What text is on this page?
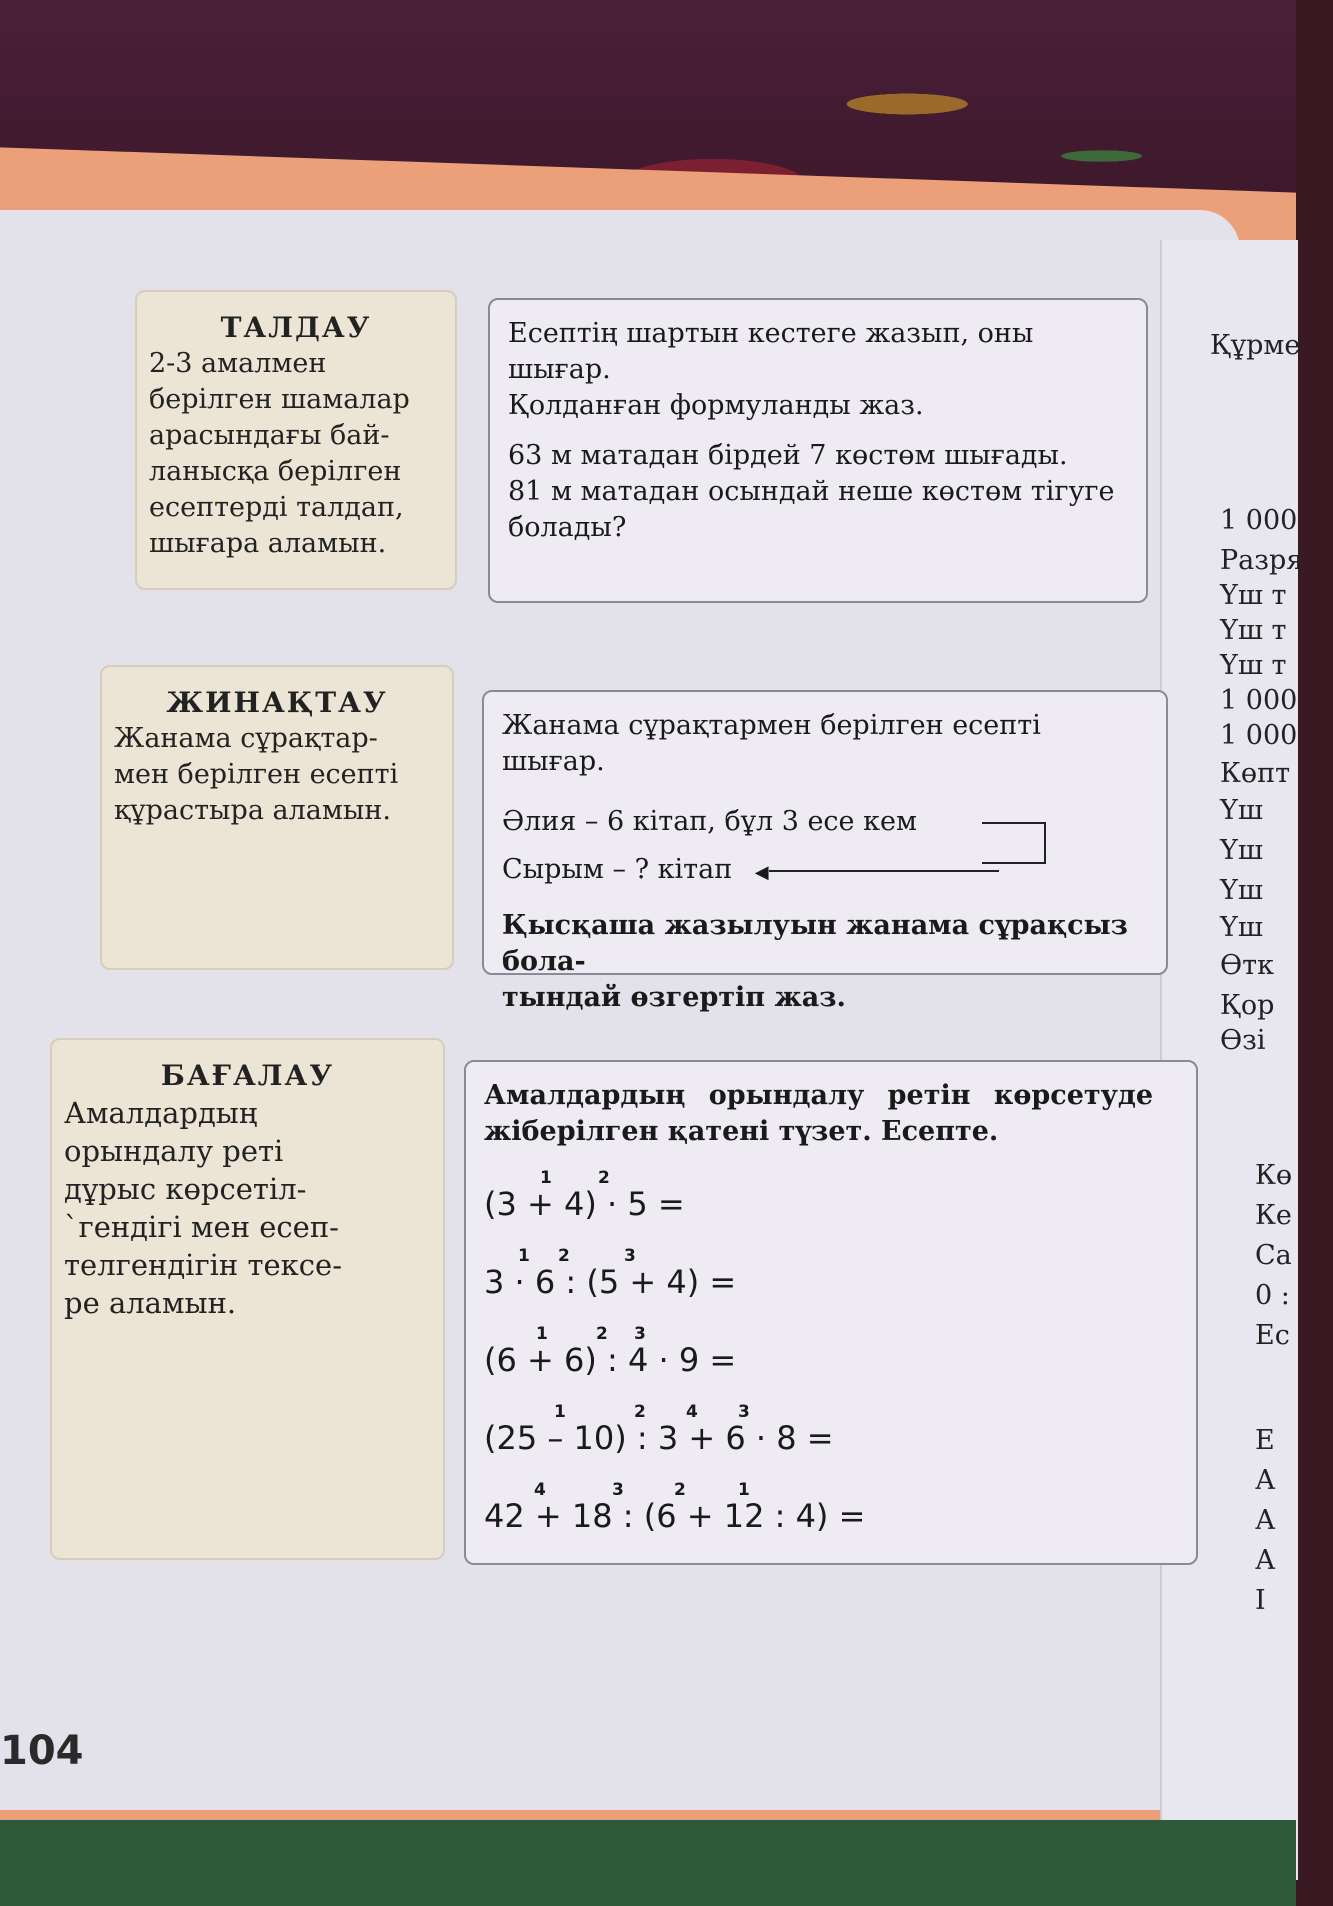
ТАЛДАУ
2-3 амалмен
берілген шамалар
арасындағы бай-
ланысқа берілген
есептерді талдап,
шығара аламын.

Есептің шартын кестеге жазып, оны шығар.

Қолданған формуланды жаз.

63 м матадан бірдей 7 көстөм шығады.

81 м матадан осындай неше көстөм тігуге

болады?

ЖИНАҚТАУ
Жанама сұрақтар-
мен берілген есепті
құрастыра аламын.

Жанама сұрақтармен берілген есепті шығар.

Әлия – 6 кітап, бұл 3 есе кем

Сырым – ? кітап ◀

Қысқаша жазылуын жанама сұрақсыз бола-

тындай өзгертіп жаз.

БАҒАЛАУ
Амалдардың
орындалу реті
дұрыс көрсетіл-
`гендігі мен есеп-
телгендігін тексе-
ре аламын.

Амалдардың орындалу ретін көрсетуде

жіберілген қатені түзет. Есепте.

1	2
(3 + 4) · 5 =
1 2	3
3 · 6 : (5 + 4) =
1	2 3
(6 + 6) : 4 · 9 =
1	2 4 3
(25 – 10) : 3 + 6 · 8 =
4	3	2	1
42 + 18 : (6 + 12 : 4) =
104
Құрме
1 000
Разря
Үш т
Үш т
Үш т
1 000
1 000
Көпт
Үш
Үш
Үш
Үш
Өтк
Қор
Өзі
Кө
Ке
Са
0 :
Ес
Е
А
А
А
I
